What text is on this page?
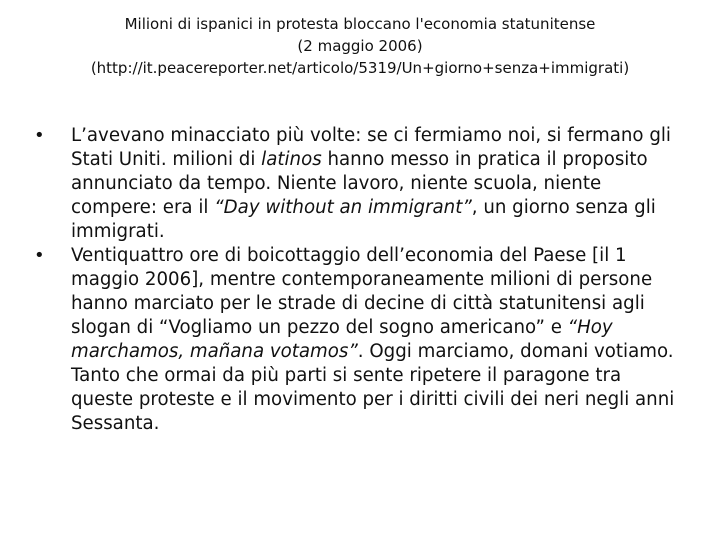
Milioni di ispanici in protesta bloccano l'economia statunitense
(2 maggio 2006)
(http://it.peacereporter.net/articolo/5319/Un+giorno+senza+immigrati)
•	L’avevano minacciato più volte: se ci fermiamo noi, si fermano gli Stati Uniti. milioni di latinos hanno messo in pratica il proposito annunciato da tempo. Niente lavoro, niente scuola, niente compere: era il “Day without an immigrant”, un giorno senza gli immigrati.
•	Ventiquattro ore di boicottaggio dell’economia del Paese [il 1 maggio 2006], mentre contemporaneamente milioni di persone hanno marciato per le strade di decine di città statunitensi agli slogan di “Vogliamo un pezzo del sogno americano” e “Hoy marchamos, mañana votamos”. Oggi marciamo, domani votiamo. Tanto che ormai da più parti si sente ripetere il paragone tra queste proteste e il movimento per i diritti civili dei neri negli anni Sessanta.
